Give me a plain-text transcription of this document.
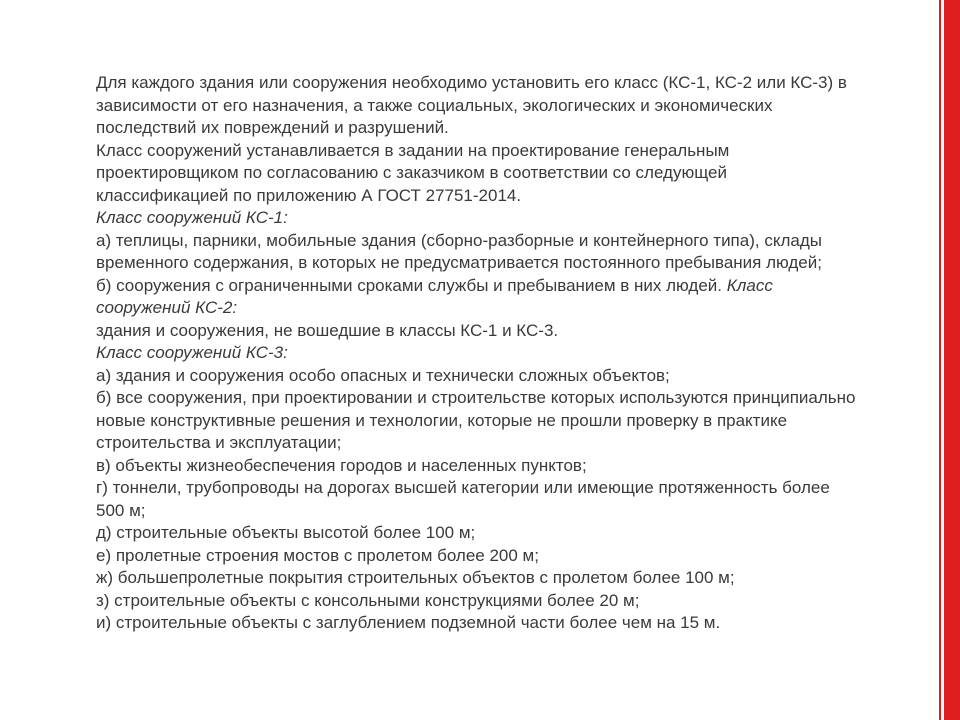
Для каждого здания или сооружения необходимо установить его класс (КС-1, КС-2 или КС-3) в зависимости от его назначения, а также социальных, экологических и экономических последствий их повреждений и разрушений.

Класс сооружений устанавливается в задании на проектирование генеральным проектировщиком по согласованию с заказчиком в соответствии со следующей классификацией по приложению А ГОСТ 27751-2014.

Класс сооружений КС-1:

а) теплицы, парники, мобильные здания (сборно-разборные и контейнерного типа), склады временного содержания, в которых не предусматривается постоянного пребывания людей;

б) сооружения с ограниченными сроками службы и пребыванием в них людей. Класс сооружений КС-2:

здания и сооружения, не вошедшие в классы КС-1 и КС-3.

Класс сооружений КС-3:

а) здания и сооружения особо опасных и технически сложных объектов;

б) все сооружения, при проектировании и строительстве которых используются принципиально новые конструктивные решения и технологии, которые не прошли проверку в практике строительства и эксплуатации;

в) объекты жизнеобеспечения городов и населенных пунктов;

г) тоннели, трубопроводы на дорогах высшей категории или имеющие протяженность более 500 м;

д) строительные объекты высотой более 100 м;

е) пролетные строения мостов с пролетом более 200 м;

ж) большепролетные покрытия строительных объектов с пролетом более 100 м;

з) строительные объекты с консольными конструкциями более 20 м;

и) строительные объекты с заглублением подземной части более чем на 15 м.
